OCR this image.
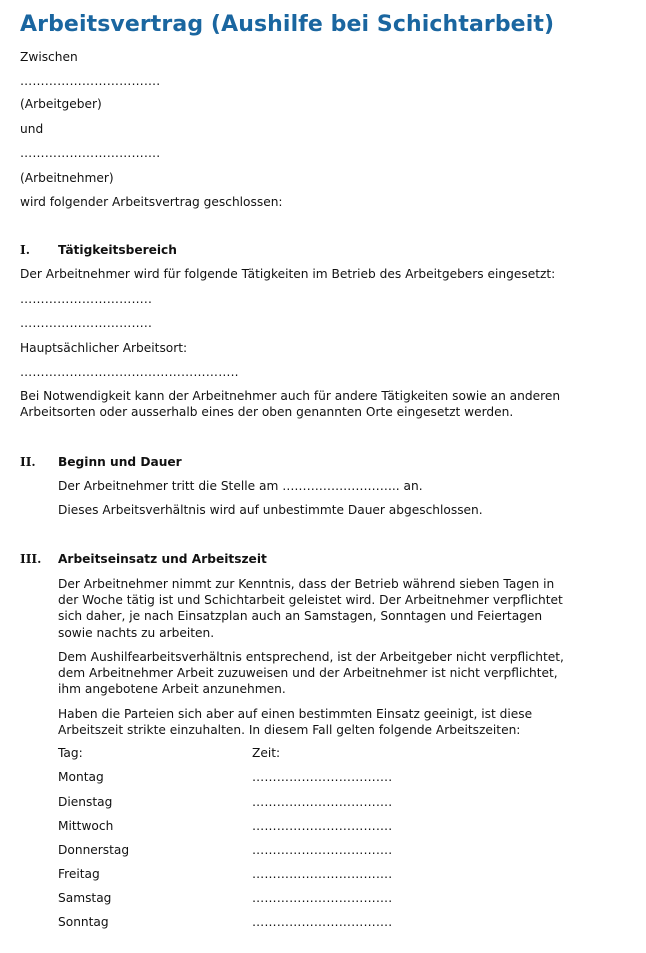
Arbeitsvertrag (Aushilfe bei Schichtarbeit)
Zwischen
…………………………….
(Arbeitgeber)
und
…………………………….
(Arbeitnehmer)
wird folgender Arbeitsvertrag geschlossen:
I. Tätigkeitsbereich
Der Arbeitnehmer wird für folgende Tätigkeiten im Betrieb des Arbeitgebers eingesetzt:
…………………………..
…………………………..
Hauptsächlicher Arbeitsort:
……………………………………………..
Bei Notwendigkeit kann der Arbeitnehmer auch für andere Tätigkeiten sowie an anderen
Arbeitsorten oder ausserhalb eines der oben genannten Orte eingesetzt werden.
II. Beginn und Dauer
Der Arbeitnehmer tritt die Stelle am ……………………….. an.
Dieses Arbeitsverhältnis wird auf unbestimmte Dauer abgeschlossen.
III. Arbeitseinsatz und Arbeitszeit
Der Arbeitnehmer nimmt zur Kenntnis, dass der Betrieb während sieben Tagen in
der Woche tätig ist und Schichtarbeit geleistet wird. Der Arbeitnehmer verpflichtet
sich daher, je nach Einsatzplan auch an Samstagen, Sonntagen und Feiertagen
sowie nachts zu arbeiten.
Dem Aushilfearbeitsverhältnis entsprechend, ist der Arbeitgeber nicht verpflichtet,
dem Arbeitnehmer Arbeit zuzuweisen und der Arbeitnehmer ist nicht verpflichtet,
ihm angebotene Arbeit anzunehmen.
Haben die Parteien sich aber auf einen bestimmten Einsatz geeinigt, ist diese
Arbeitszeit strikte einzuhalten. In diesem Fall gelten folgende Arbeitszeiten:
Tag:	Zeit:
Montag	…………………………….
Dienstag	…………………………….
Mittwoch	…………………………….
Donnerstag	…………………………….
Freitag	…………………………….
Samstag	…………………………….
Sonntag	…………………………….
